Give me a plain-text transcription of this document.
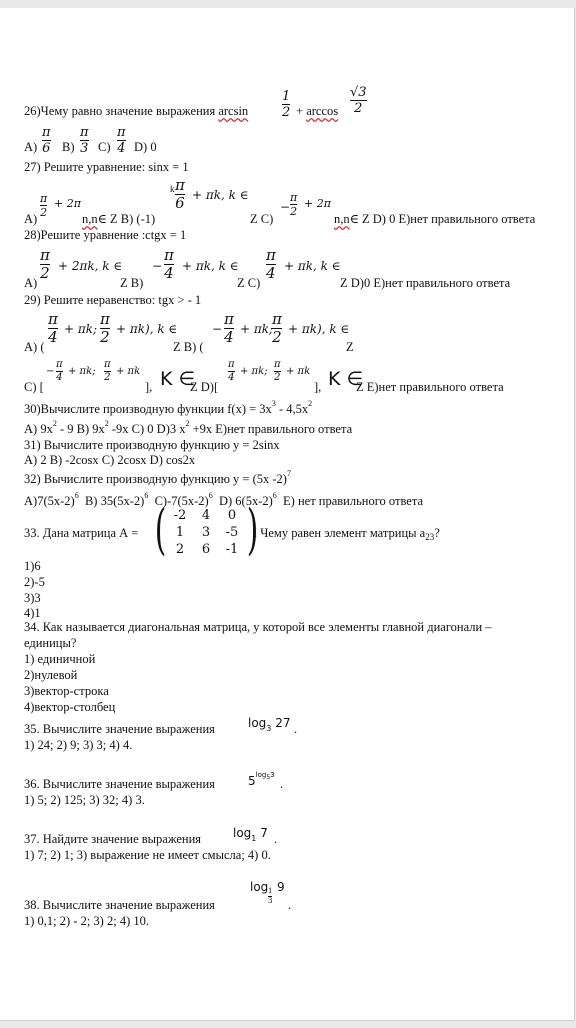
26)Чему равно значение выражения arcsin
1
2 + arccos
√3
2
A)
π
6 B)
π
3 C)
π
4 D) 0
27) Решите уравнение: sinx = 1
A)
π
2
+ 2π
n,n∈ Z B) (-1)
k π
6 + πk, k ∈
Z C)
−
π
2
+ 2π
n,n∈ Z D) 0 E)нет правильного ответа
28)Решите уравнение :ctgx = 1
A)
π
2 + 2πk, k ∈
Z B)
−
π
4 + πk, k ∈
Z C)
π
4 + πk, k ∈
Z D)0 E)нет правильного ответа
29) Решите неравенство: tgx > - 1
A) (
π
4 + πk;
π
2 + πk), k ∈
Z B) (
−
π
4 + πk;
π
2 + πk), k ∈
Z
C) [
−
π
4
+ πk;
π
2
+ πk
], K ∈
Z D)[
π
4
+ πk;
π
2
+ πk
], K ∈
Z E)нет правильного ответа
30)Вычислите производную функции $f(x) = 3x^3 - 4,5x^2$
A) $9x^2 - 9$ B) $9x^2$ -9x C) 0 D)3 $x^2 +9x$ E)нет правильного ответа
31) Вычислите производную функцию y = 2sinx
A) 2 B) -2cosx C) 2cosx D) cos2x
32) Вычислите производную функцию y = (5x -2)$^7$
$A)7(5x-2)^6$ B) $35(5x-2)^6$ $C)-7(5x-2)^6$ D) $6(5x-2)^6$ E) нет правильного ответа
33. Дана матрица А = ( )
-2	4	0
1	3	-5
2	6	-1
. Чему равен элемент матрицы $а_{23}$?
1)6
2)-5
3)3
4)1
34. Как называется диагональная матрица, у которой все элементы главной диагонали –
единицы?
1) единичной
2)нулевой
3)вектор-строка
4)вектор-столбец
35. Вычислите значение выражения	$\log_3 27$ .
1) 24; 2) 9; 3) 3; 4) 4.
36. Вычислите значение выражения	$5^{log53}$
.
1) 5; 2) 125; 3) 32; 4) 3.
37. Найдите значение выражения	$\log_1 7$ .
1) 7; 2) 1; 3) выражение не имеет смысла; 4) 0.
38. Вычислите значение выражения
log 1
3
9
.
1) 0,1; 2) - 2; 3) 2; 4) 10.
